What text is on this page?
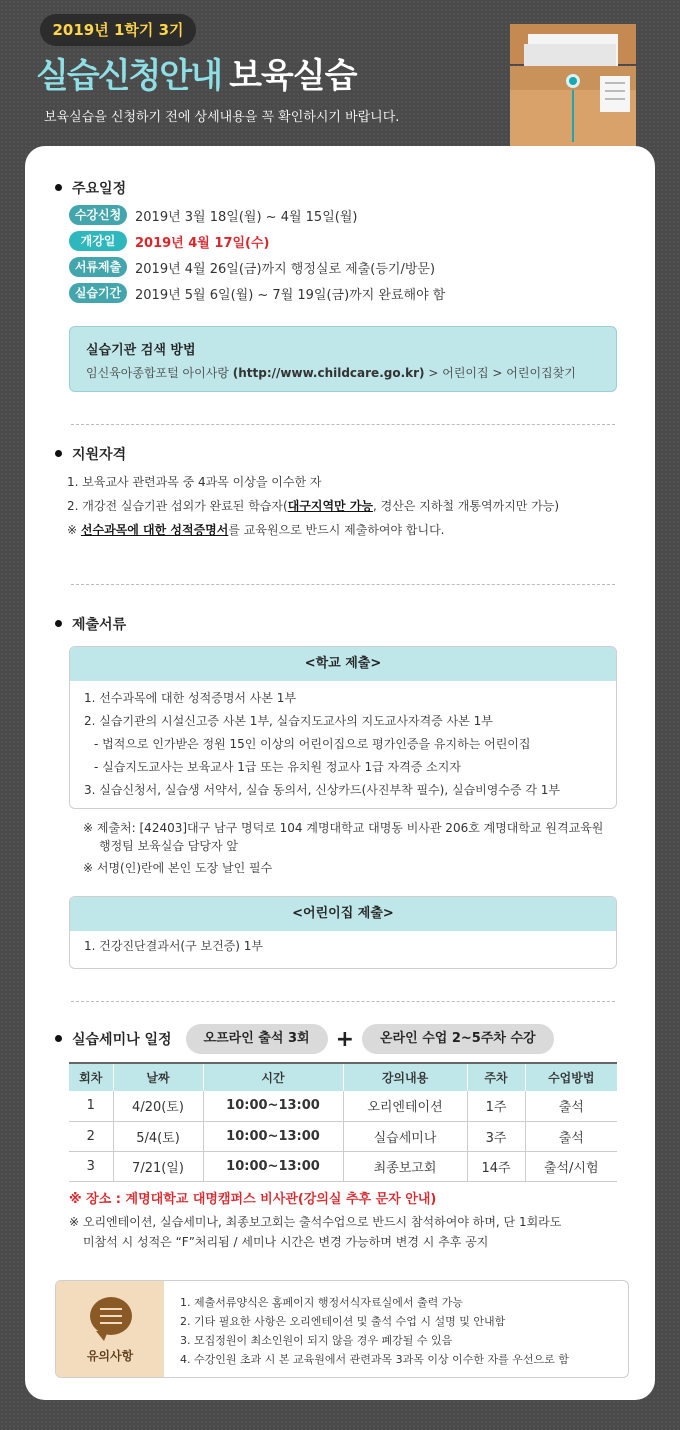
2019년 1학기 3기
실습신청안내 보육실습
보육실습을 신청하기 전에 상세내용을 꼭 확인하시기 바랍니다.
주요일정
수강신청	2019년 3월 18일(월) ~ 4월 15일(월)
개강일	2019년 4월 17일(수)
서류제출	2019년 4월 26일(금)까지 행정실로 제출(등기/방문)
실습기간	2019년 5월 6일(월) ~ 7월 19일(금)까지 완료해야 함
실습기관 검색 방법
임신육아종합포털 아이사랑 (http://www.childcare.go.kr) > 어린이집 > 어린이집찾기
지원자격

1. 보육교사 관련과목 중 4과목 이상을 이수한 자

2. 개강전 실습기관 섭외가 완료된 학습자(대구지역만 가능, 경산은 지하철 개통역까지만 가능)

※ 선수과목에 대한 성적증명서를 교육원으로 반드시 제출하여야 합니다.

제출서류
<학교 제출>

1. 선수과목에 대한 성적증명서 사본 1부

2. 실습기관의 시설신고증 사본 1부, 실습지도교사의 지도교사자격증 사본 1부

- 법적으로 인가받은 정원 15인 이상의 어린이집으로 평가인증을 유지하는 어린이집

- 실습지도교사는 보육교사 1급 또는 유치원 정교사 1급 자격증 소지자

3. 실습신청서, 실습생 서약서, 실습 동의서, 신상카드(사진부착 필수), 실습비영수증 각 1부

※ 제출처: [42403]대구 남구 명덕로 104 계명대학교 대명동 비사관 206호 계명대학교 원격교육원

행정팀 보육실습 담당자 앞

※ 서명(인)란에 본인 도장 날인 필수

<어린이집 제출>

1. 건강진단결과서(구 보건증) 1부

실습세미나 일정	오프라인 출석 3회	+	온라인 수업 2~5주차 수강
회차	날짜	시간	강의내용	주차	수업방법
1	4/20(토)	10:00~13:00	오리엔테이션	1주	출석
2	5/4(토)	10:00~13:00	실습세미나	3주	출석
3	7/21(일)	10:00~13:00	최종보고회	14주	출석/시험
※ 장소 : 계명대학교 대명캠퍼스 비사관(강의실 추후 문자 안내)

※ 오리엔테이션, 실습세미나, 최종보고회는 출석수업으로 반드시 참석하여야 하며, 단 1회라도

미참석 시 성적은 “F”처리됨 / 세미나 시간은 변경 가능하며 변경 시 추후 공지

유의사항

1. 제출서류양식은 홈페이지 행정서식자료실에서 출력 가능

2. 기타 필요한 사항은 오리엔테이션 및 출석 수업 시 설명 및 안내함

3. 모집정원이 최소인원이 되지 않을 경우 폐강될 수 있음

4. 수강인원 초과 시 본 교육원에서 관련과목 3과목 이상 이수한 자를 우선으로 함
